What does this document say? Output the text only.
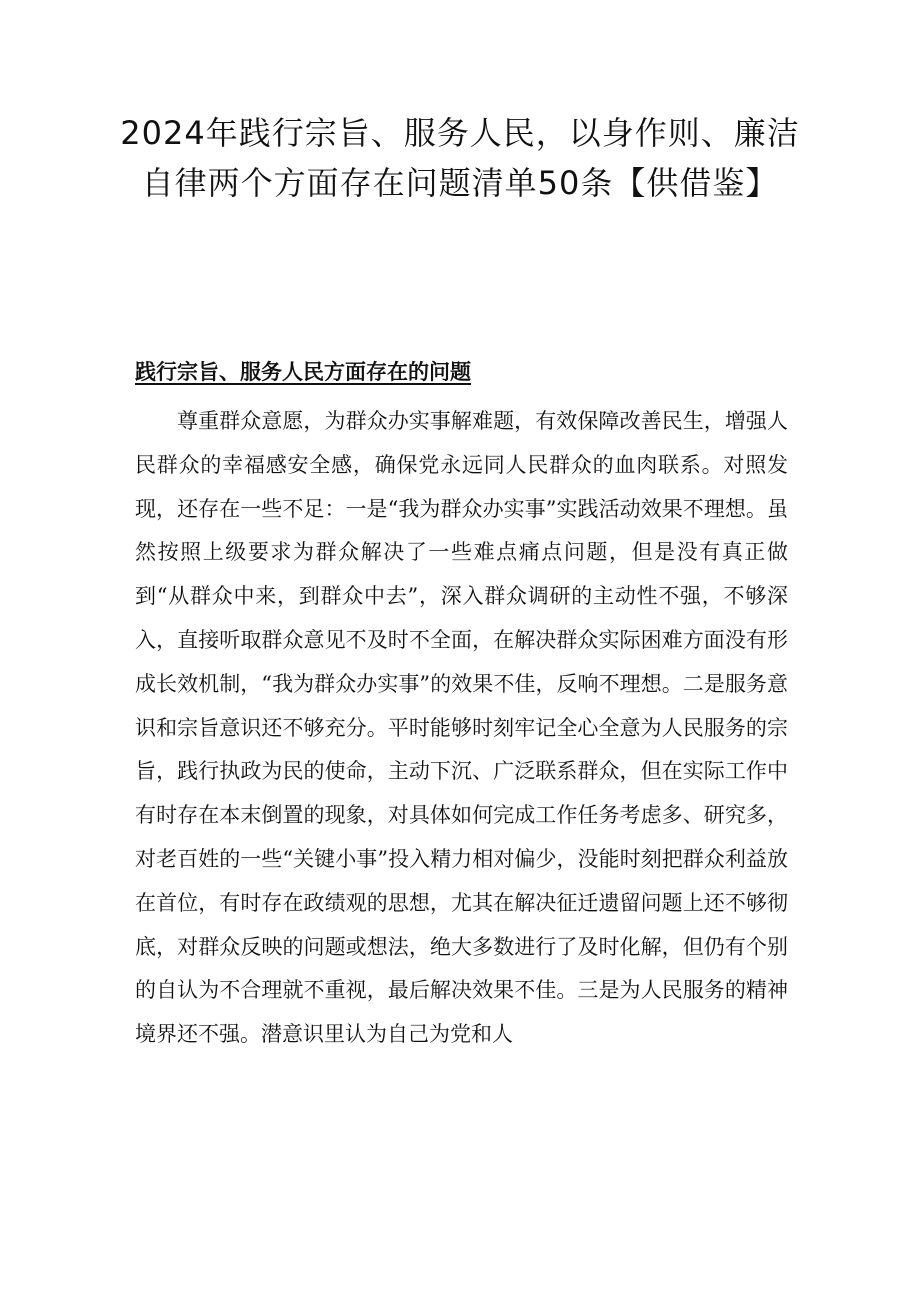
2024年践行宗旨、服务人民，以身作则、廉洁自律两个方面存在问题清单50条【供借鉴】
践行宗旨、服务人民方面存在的问题

尊重群众意愿，为群众办实事解难题，有效保障改善民生，增强人民群众的幸福感安全感，确保党永远同人民群众的血肉联系。对照发现，还存在一些不足：一是“我为群众办实事”实践活动效果不理想。虽然按照上级要求为群众解决了一些难点痛点问题，但是没有真正做到“从群众中来，到群众中去”，深入群众调研的主动性不强，不够深入，直接听取群众意见不及时不全面，在解决群众实际困难方面没有形成长效机制，“我为群众办实事”的效果不佳，反响不理想。二是服务意识和宗旨意识还不够充分。平时能够时刻牢记全心全意为人民服务的宗旨，践行执政为民的使命，主动下沉、广泛联系群众，但在实际工作中有时存在本末倒置的现象，对具体如何完成工作任务考虑多、研究多，对老百姓的一些“关键小事”投入精力相对偏少，没能时刻把群众利益放在首位，有时存在政绩观的思想，尤其在解决征迁遗留问题上还不够彻底，对群众反映的问题或想法，绝大多数进行了及时化解，但仍有个别的自认为不合理就不重视，最后解决效果不佳。三是为人民服务的精神境界还不强。潜意识里认为自己为党和人
